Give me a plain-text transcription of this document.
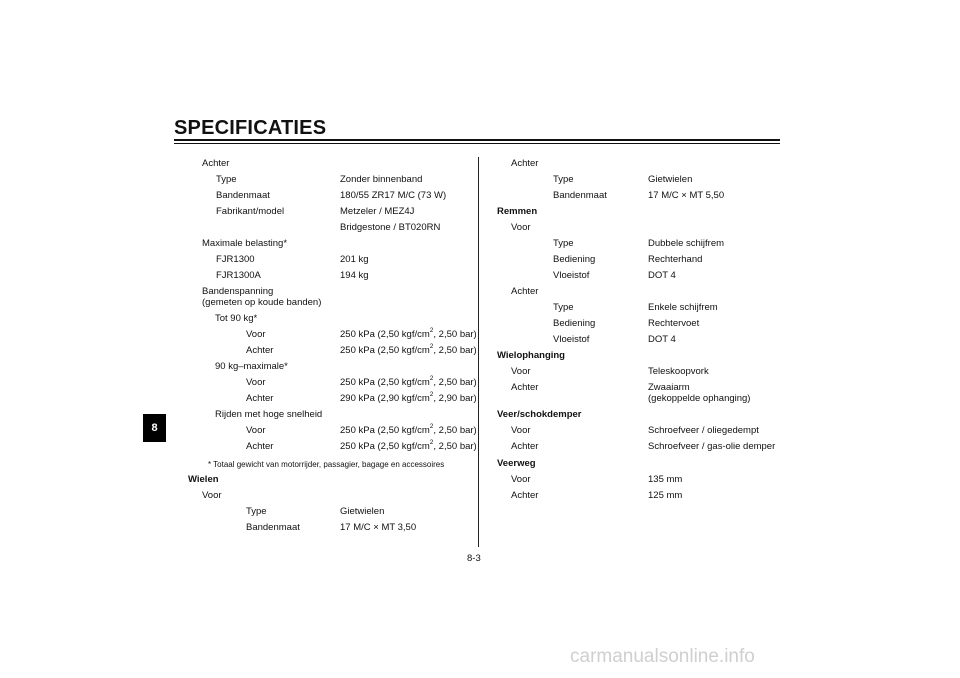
SPECIFICATIES
8
Achter
Type	Zonder binnenband
Bandenmaat	180/55 ZR17 M/C (73 W)
Fabrikant/model	Metzeler / MEZ4J
Bridgestone / BT020RN
Maximale belasting*
FJR1300	201 kg
FJR1300A	194 kg
Bandenspanning
(gemeten op koude banden)
Tot 90 kg*
Voor	250 kPa (2,50 kgf/$cm^2$, 2,50 bar)
Achter	250 kPa (2,50 kgf/$cm^2$, 2,50 bar)
90 kg–maximale*
Voor	250 kPa (2,50 kgf/$cm^2$, 2,50 bar)
Achter	290 kPa (2,90 kgf/$cm^2$, 2,90 bar)
Rijden met hoge snelheid
Voor	250 kPa (2,50 kgf/$cm^2$, 2,50 bar)
Achter	250 kPa (2,50 kgf/$cm^2$, 2,50 bar)
* Totaal gewicht van motorrijder, passagier, bagage en accessoires
Wielen
Voor
Type	Gietwielen
Bandenmaat	17 M/C × MT 3,50
Achter
Type	Gietwielen
Bandenmaat	17 M/C × MT 5,50
Remmen
Voor
Type	Dubbele schijfrem
Bediening	Rechterhand
Vloeistof	DOT 4
Achter
Type	Enkele schijfrem
Bediening	Rechtervoet
Vloeistof	DOT 4
Wielophanging
Voor	Teleskoopvork
Achter	Zwaaiarm
(gekoppelde ophanging)
Veer/schokdemper
Voor	Schroefveer / oliegedempt
Achter	Schroefveer / gas-olie demper
Veerweg
Voor	135 mm
Achter	125 mm
8-3
carmanualsonline.info
